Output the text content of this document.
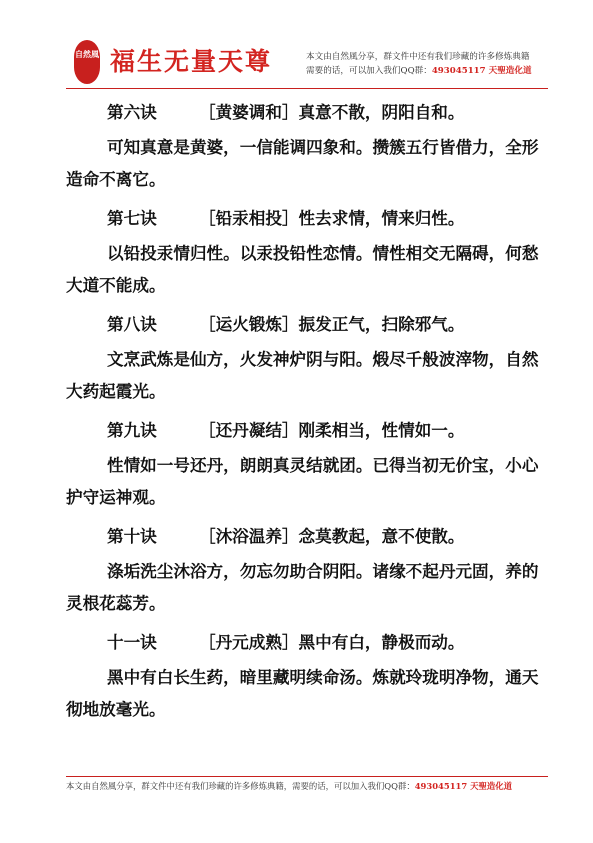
自然風 福生无量天尊	本文由自然風分享，群文件中还有我们珍藏的许多修炼典籍
需要的话，可以加入我们QQ群：493045117 天聖造化道
第六诀	［黄婆调和］真意不散，阴阳自和。
可知真意是黄婆，一信能调四象和。攒簇五行皆借力，全形造命不离它。
第七诀	［铅汞相投］性去求情，情来归性。
以铅投汞情归性。以汞投铅性恋情。情性相交无隔碍，何愁大道不能成。
第八诀	［运火锻炼］振发正气，扫除邪气。
文烹武炼是仙方，火发神炉阴与阳。煅尽千般波滓物，自然大药起霞光。
第九诀	［还丹凝结］刚柔相当，性情如一。
性情如一号还丹，朗朗真灵结就团。已得当初无价宝，小心护守运神观。
第十诀	［沐浴温养］念莫教起，意不使散。
涤垢洗尘沐浴方，勿忘勿助合阴阳。诸缘不起丹元固，养的灵根花蕊芳。
十一诀	［丹元成熟］黑中有白，静极而动。
黑中有白长生药，暗里藏明续命汤。炼就玲珑明净物，通天彻地放毫光。
本文由自然風分享，群文件中还有我们珍藏的许多修炼典籍，需要的话，可以加入我们QQ群：493045117 天聖造化道
